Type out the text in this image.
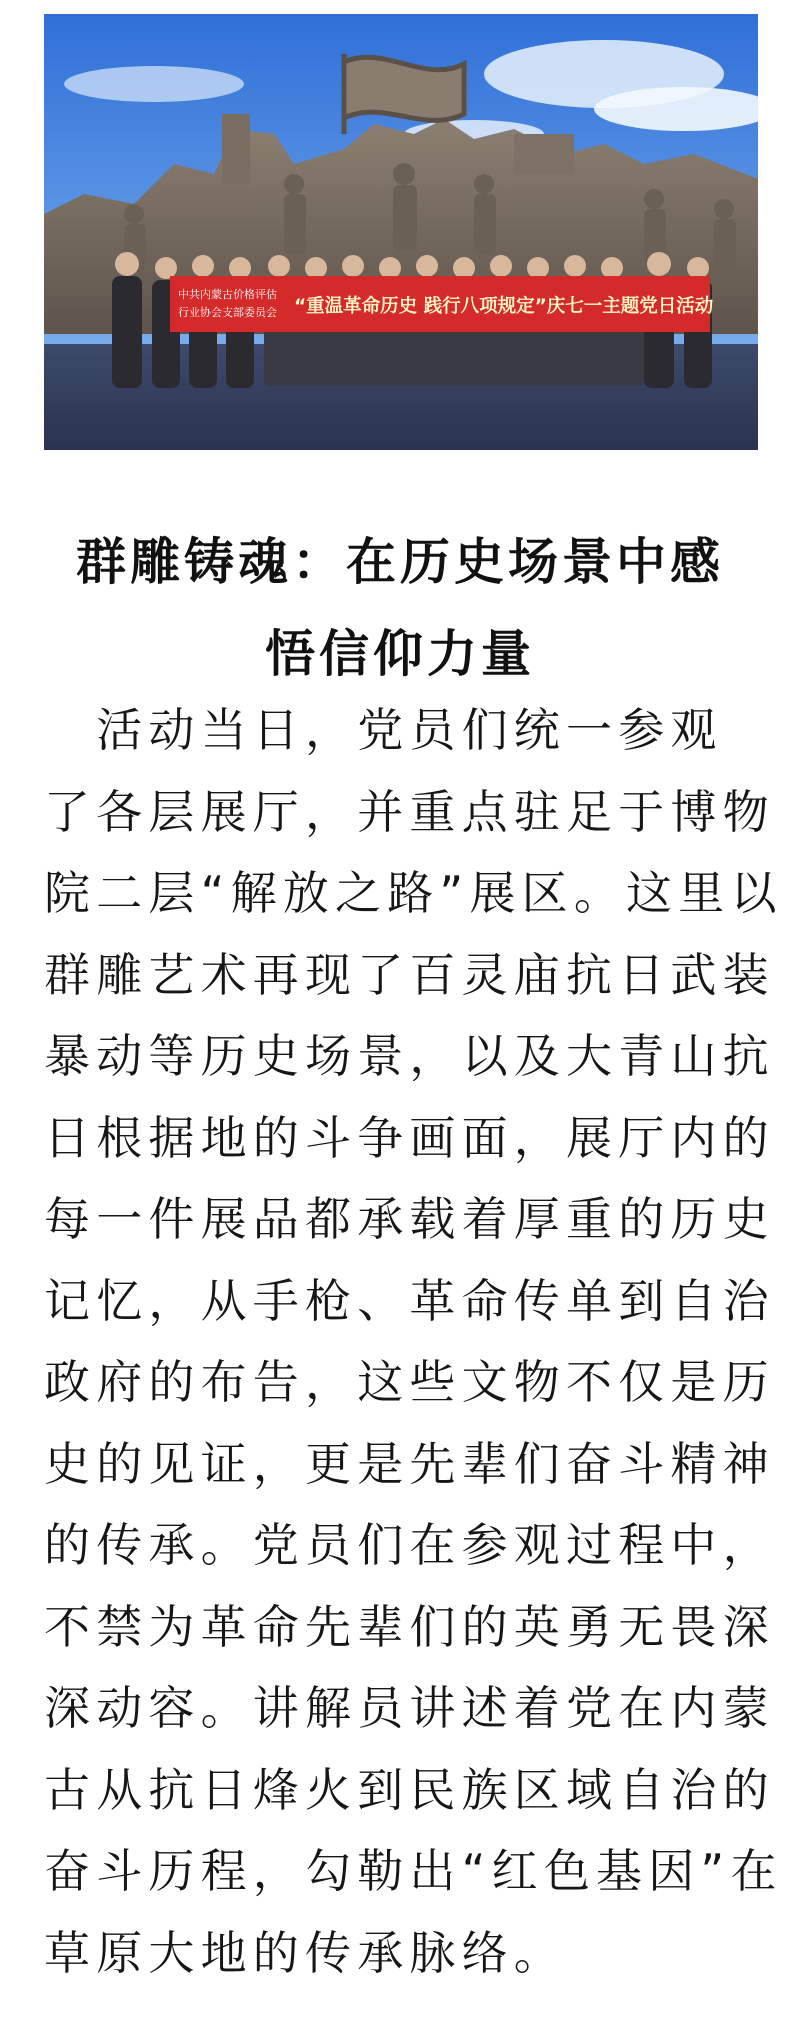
中共内蒙古价格评估
行业协会支部委员会 “重温革命历史 践行八项规定”庆七一主题党日活动
群雕铸魂：在历史场景中感
悟信仰力量
　活动当日，党员们统一参观
了各层展厅，并重点驻足于博物
院二层“解放之路”展区。这里以
群雕艺术再现了百灵庙抗日武装
暴动等历史场景，以及大青山抗
日根据地的斗争画面，展厅内的
每一件展品都承载着厚重的历史
记忆，从手枪、革命传单到自治
政府的布告，这些文物不仅是历
史的见证，更是先辈们奋斗精神
的传承。党员们在参观过程中，
不禁为革命先辈们的英勇无畏深
深动容。讲解员讲述着党在内蒙
古从抗日烽火到民族区域自治的
奋斗历程，勾勒出“红色基因”在
草原大地的传承脉络。
